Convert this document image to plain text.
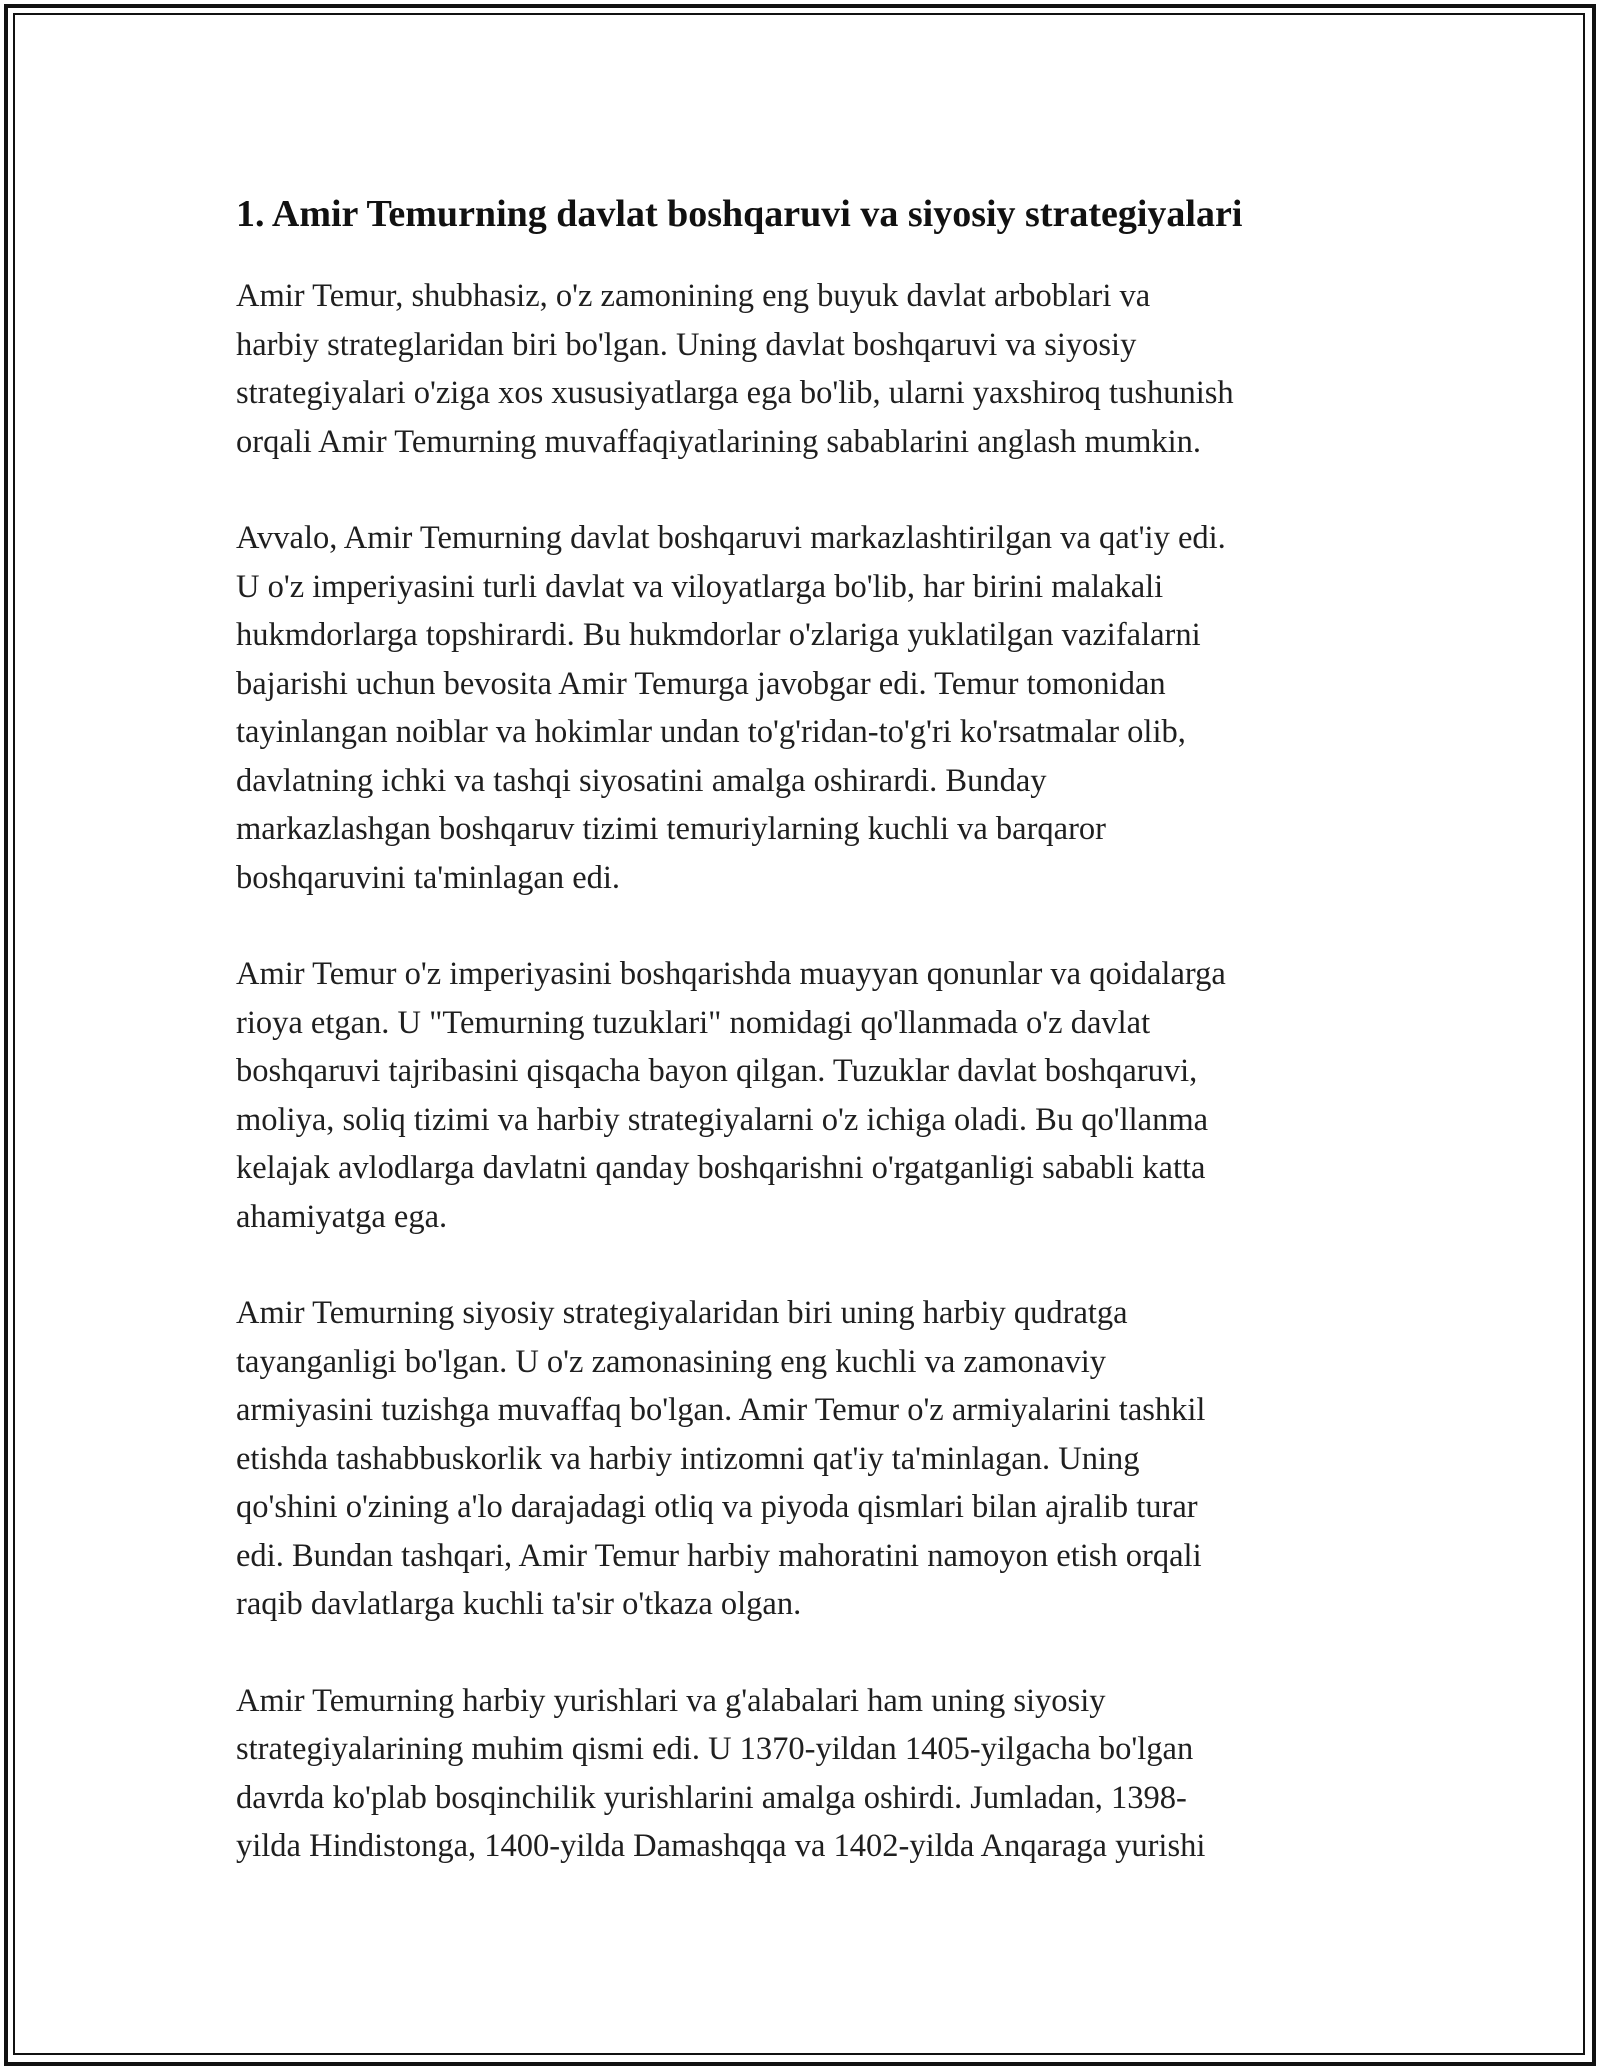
1. Amir Temurning davlat boshqaruvi va siyosiy strategiyalari

Amir Temur, shubhasiz, o'z zamonining eng buyuk davlat arboblari va
harbiy strateglaridan biri bo'lgan. Uning davlat boshqaruvi va siyosiy
strategiyalari o'ziga xos xususiyatlarga ega bo'lib, ularni yaxshiroq tushunish
orqali Amir Temurning muvaffaqiyatlarining sabablarini anglash mumkin.

Avvalo, Amir Temurning davlat boshqaruvi markazlashtirilgan va qat'iy edi.
U o'z imperiyasini turli davlat va viloyatlarga bo'lib, har birini malakali
hukmdorlarga topshirardi. Bu hukmdorlar o'zlariga yuklatilgan vazifalarni
bajarishi uchun bevosita Amir Temurga javobgar edi. Temur tomonidan
tayinlangan noiblar va hokimlar undan to'g'ridan-to'g'ri ko'rsatmalar olib,
davlatning ichki va tashqi siyosatini amalga oshirardi. Bunday
markazlashgan boshqaruv tizimi temuriylarning kuchli va barqaror
boshqaruvini ta'minlagan edi.

Amir Temur o'z imperiyasini boshqarishda muayyan qonunlar va qoidalarga
rioya etgan. U "Temurning tuzuklari" nomidagi qo'llanmada o'z davlat
boshqaruvi tajribasini qisqacha bayon qilgan. Tuzuklar davlat boshqaruvi,
moliya, soliq tizimi va harbiy strategiyalarni o'z ichiga oladi. Bu qo'llanma
kelajak avlodlarga davlatni qanday boshqarishni o'rgatganligi sababli katta
ahamiyatga ega.

Amir Temurning siyosiy strategiyalaridan biri uning harbiy qudratga
tayanganligi bo'lgan. U o'z zamonasining eng kuchli va zamonaviy
armiyasini tuzishga muvaffaq bo'lgan. Amir Temur o'z armiyalarini tashkil
etishda tashabbuskorlik va harbiy intizomni qat'iy ta'minlagan. Uning
qo'shini o'zining a'lo darajadagi otliq va piyoda qismlari bilan ajralib turar
edi. Bundan tashqari, Amir Temur harbiy mahoratini namoyon etish orqali
raqib davlatlarga kuchli ta'sir o'tkaza olgan.

Amir Temurning harbiy yurishlari va g'alabalari ham uning siyosiy
strategiyalarining muhim qismi edi. U 1370-yildan 1405-yilgacha bo'lgan
davrda ko'plab bosqinchilik yurishlarini amalga oshirdi. Jumladan, 1398-
yilda Hindistonga, 1400-yilda Damashqqa va 1402-yilda Anqaraga yurishi
